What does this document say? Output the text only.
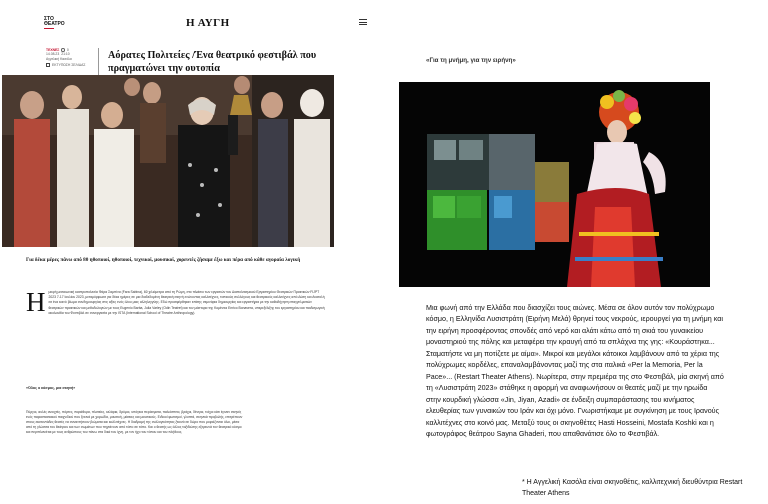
ΣΤΟ
ΘΕΑΤΡΟ	Η ΑΥΓΗ
ΤΕΧΝΕΣ 0
14.08.23 21:10
Αγγελική Κασόλα
ΕΚΤΥΠΩΣΗ ΣΕΛΙΔΑΣ
Αόρατες Πολιτείες /Ένα θεατρικό φεστιβάλ που πραγματώνει την ουτοπία
Για δέκα μέρες πάνω από 80 ηθοποιοί, ηθοποιοί, τεχνικοί, μουσικοί, χορευτές ζήσαμε έξω και πέρα από κάθε αγοραία λογική
Η μικρή μεσαιωνική καστροπολιτεία Φάρα Σαμπίνα (Fara Sabina), 60 χιλιόμετρα από τη Ρώμη, στο πλαίσιο των εργασιών του Διαπολιτισμικού Εργαστηρίου Θεατρικών Πρακτικών FIJPT 2023 7-17 Ιουλίου 2023, μεταμόρφωσε για δέκα ημέρες σε μια διαδεδομένη θεατρική σκηνή ενώνοντας καλλιτέχνες, τοπικούς συλλόγους και θεατρικούς καλλιτέχνες από Δύση και Ανατολή σε ένα κοινό βίωμα συνδημιουργίας στις αξίες ενός όλου μιας αλληλεγγύης. Εδώ προσφέρθηκαν επίσης σεμινάρια δημιουργίας και εργαστήρια με την καθοδήγηση επαγγελματιών θεατρικών πρακτικών και μεθοδολογιών με τους Eugenio Barba, Julia Varley (Odin Teatret) και τον μάστορα της Κομέντια Enrico Bonavera, υπερεξέλιξης του εργαστηρίου και παιδαγωγική ακολουθία του Φεστιβάλ σε συνεργασία με την ISTA (International School of Theatre Anthropology).

«Όλος ο κόσμος, μια σκηνή»

Πύργοι, αυλές ανοιχτές, πόρτες, παράθυρα, πλατείες, κελάρια, δρόμοι, υπόγεια περάσματα, παλιόσπιτα, βράχοι, δέντρα, τοίχοι κάτι έγιναν σκηνές ενός παραστασιακού παιχνιδιού που ξεκινά με χορωδία, μουσική, μάσκες και μουσικούς. Ειδικοί φωτισμοί, γλυπτά, σκηνικά προβολής, επιτρέπουν στους εκατοντάδες θεατές να συναντήσουν βιώματα και καλλιτέχνες. Η διαδρομή της συλλογικότητας ξεκινά σε δώρο που μοιράζονται όλοι, μέσα από τη γλώσσα του θεάτρου και των σωμάτων που πηγαίνουν από τόπο σε τόπο. Και ο θεατής ως άλλος ταξιδιώτης εξερευνά τον θεατρικό κόσμο και περιπλανιέται με τους ανθρώπους του πάνω στα δικά του ίχνη, με τον ήχο του τόπου και του πλήθους.

«Για τη μνήμη, για την ειρήνη»

Μια φωνή από την Ελλάδα που διασχίζει τους αιώνες. Μέσα σε όλον αυτόν τον πολύχρωμο κόσμο, η Ελληνίδα Λυσιστράτη (Ειρήνη Μελά) θρηνεί τους νεκρούς, ιερουργεί για τη μνήμη και την ειρήνη προσφέροντας σπονδές από νερό και αλάτι κάτω από τη σκιά του γυναικείου μοναστηριού της πόλης και μεταφέρει την κραυγή από τα σπλάχνα της γης: «Κουράστηκα... Σταματήστε να μη ποτίζετε με αίμα». Μικροί και μεγάλοι κάτοικοι λαμβάνουν από τα χέρια της πολύχρωμες κορδέλες, επαναλαμβάνοντας μαζί της στα ιταλικά «Per la Memoria, Per la Pace»... (Restart Theater Athens). Νωρίτερα, στην πρεμιέρα της στο Φεστιβάλ, μία σκηνή από τη «Λυσιστράτη 2023» στάθηκε η αφορμή να αναφωνήσουν οι θεατές μαζί με την ηρωίδα στην κουρδική γλώσσα «Jin, Jiyan, Azadi» σε ένδειξη συμπαράστασης του κινήματος ελευθερίας των γυναικών του Ιράν και όχι μόνο. Γνωριστήκαμε με συγκίνηση με τους Ιρανούς καλλιτέχνες στο κοινό μας. Μεταξύ τους οι σκηνοθέτες Hasti Hosseini, Mostafa Koshki και η φωτογράφος θεάτρου Sayna Ghaderi, που απαθανάτισε όλο το Φεστιβάλ.

* Η Αγγελική Κασόλα είναι σκηνοθέτις, καλλιτεχνική διευθύντρια Restart Theater Athens
